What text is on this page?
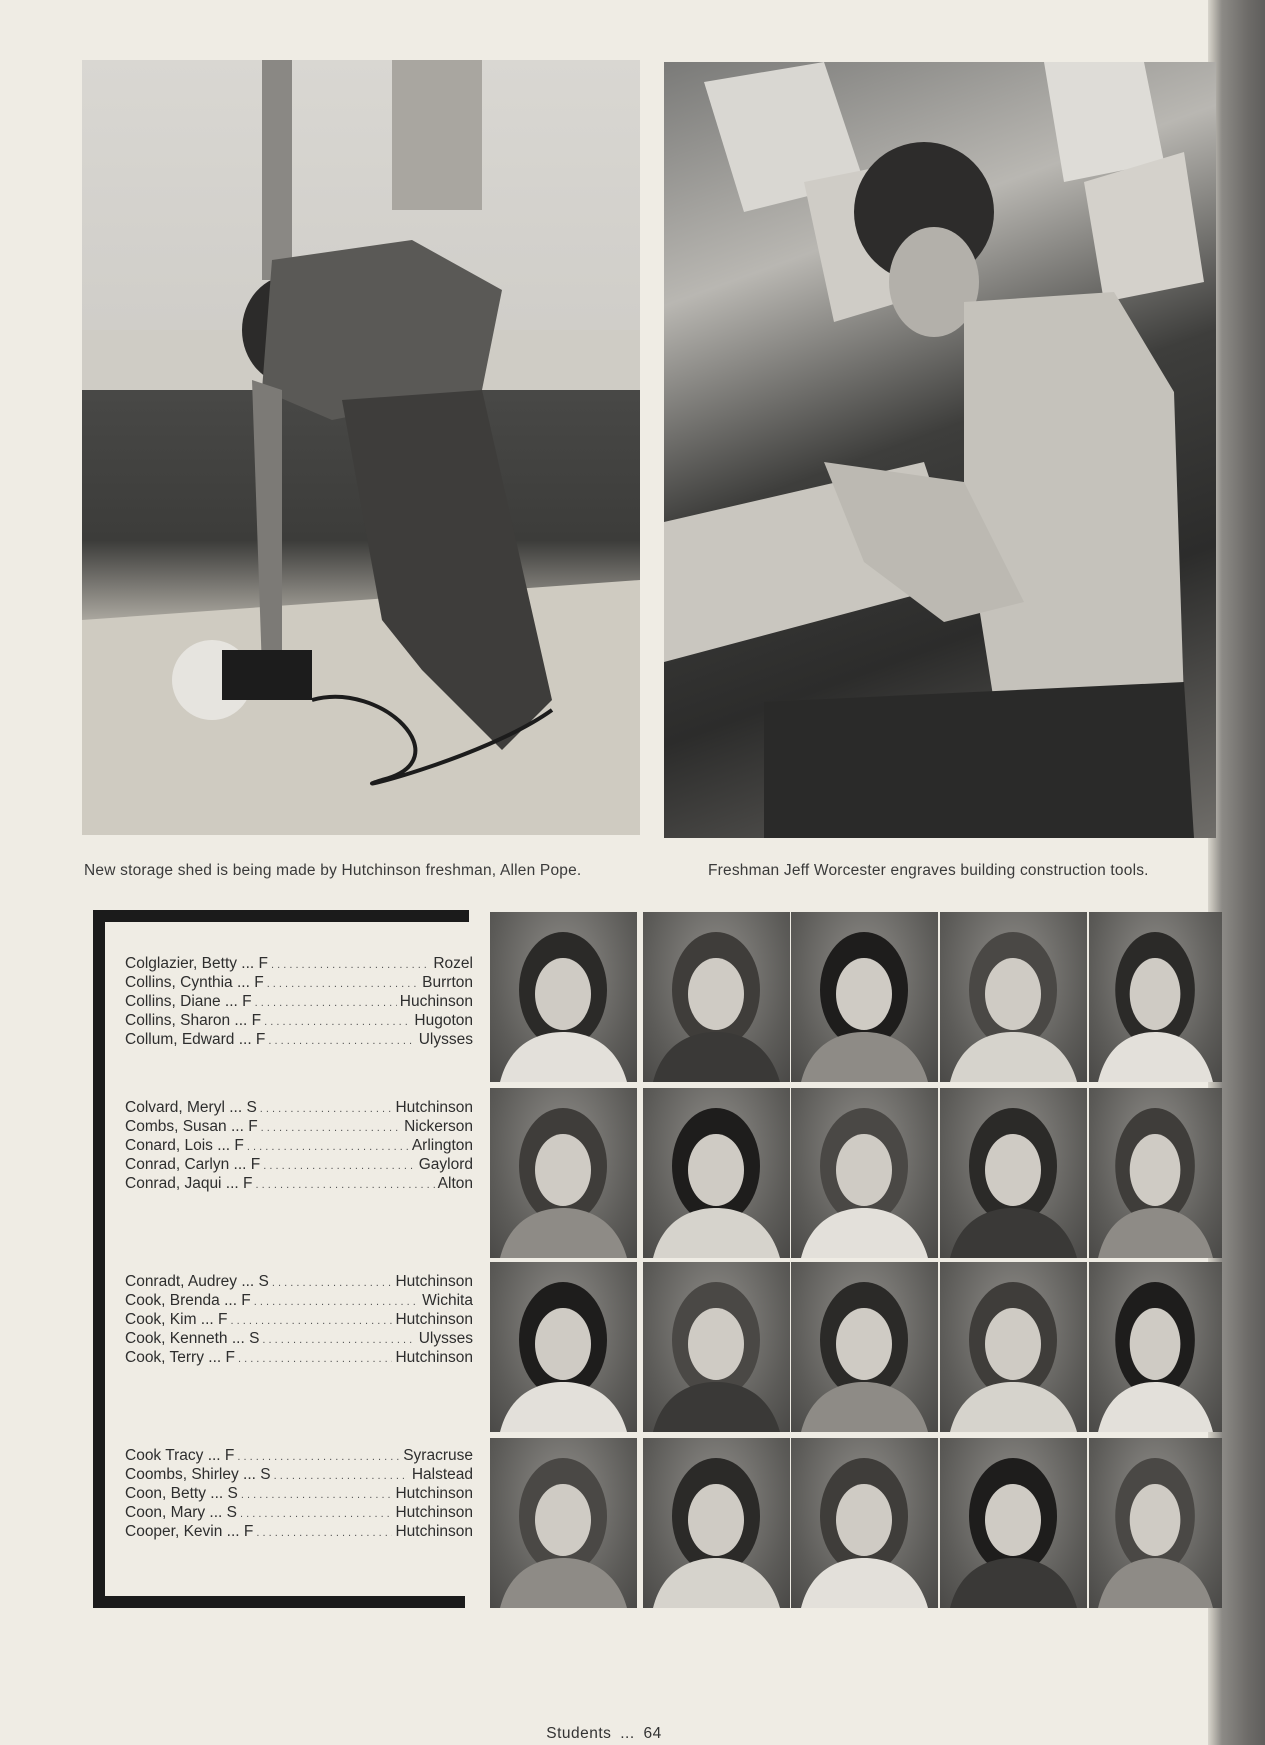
New storage shed is being made by Hutchinson freshman, Allen Pope.	Freshman Jeff Worcester engraves building construction tools.
Colglazier, Betty ... F . . .	Rozel
Collins, Cynthia ... F . . .	Burrton
Collins, Diane ... F . . .	Huchinson
Collins, Sharon ... F . . .	Hugoton
Collum, Edward ... F . . .	Ulysses
Colvard, Meryl ... S . . .	Hutchinson
Combs, Susan ... F . . .	Nickerson
Conard, Lois ... F . . .	Arlington
Conrad, Carlyn ... F . . .	Gaylord
Conrad, Jaqui ... F . . .	Alton
Conradt, Audrey ... S . . .	Hutchinson
Cook, Brenda ... F . . .	Wichita
Cook, Kim ... F . . .	Hutchinson
Cook, Kenneth ... S . . .	Ulysses
Cook, Terry ... F . . .	Hutchinson
Cook Tracy ... F . . .	Syracruse
Coombs, Shirley ... S . . .	Halstead
Coon, Betty ... S . . .	Hutchinson
Coon, Mary ... S . . .	Hutchinson
Cooper, Kevin ... F . . .	Hutchinson
Students ... 64
